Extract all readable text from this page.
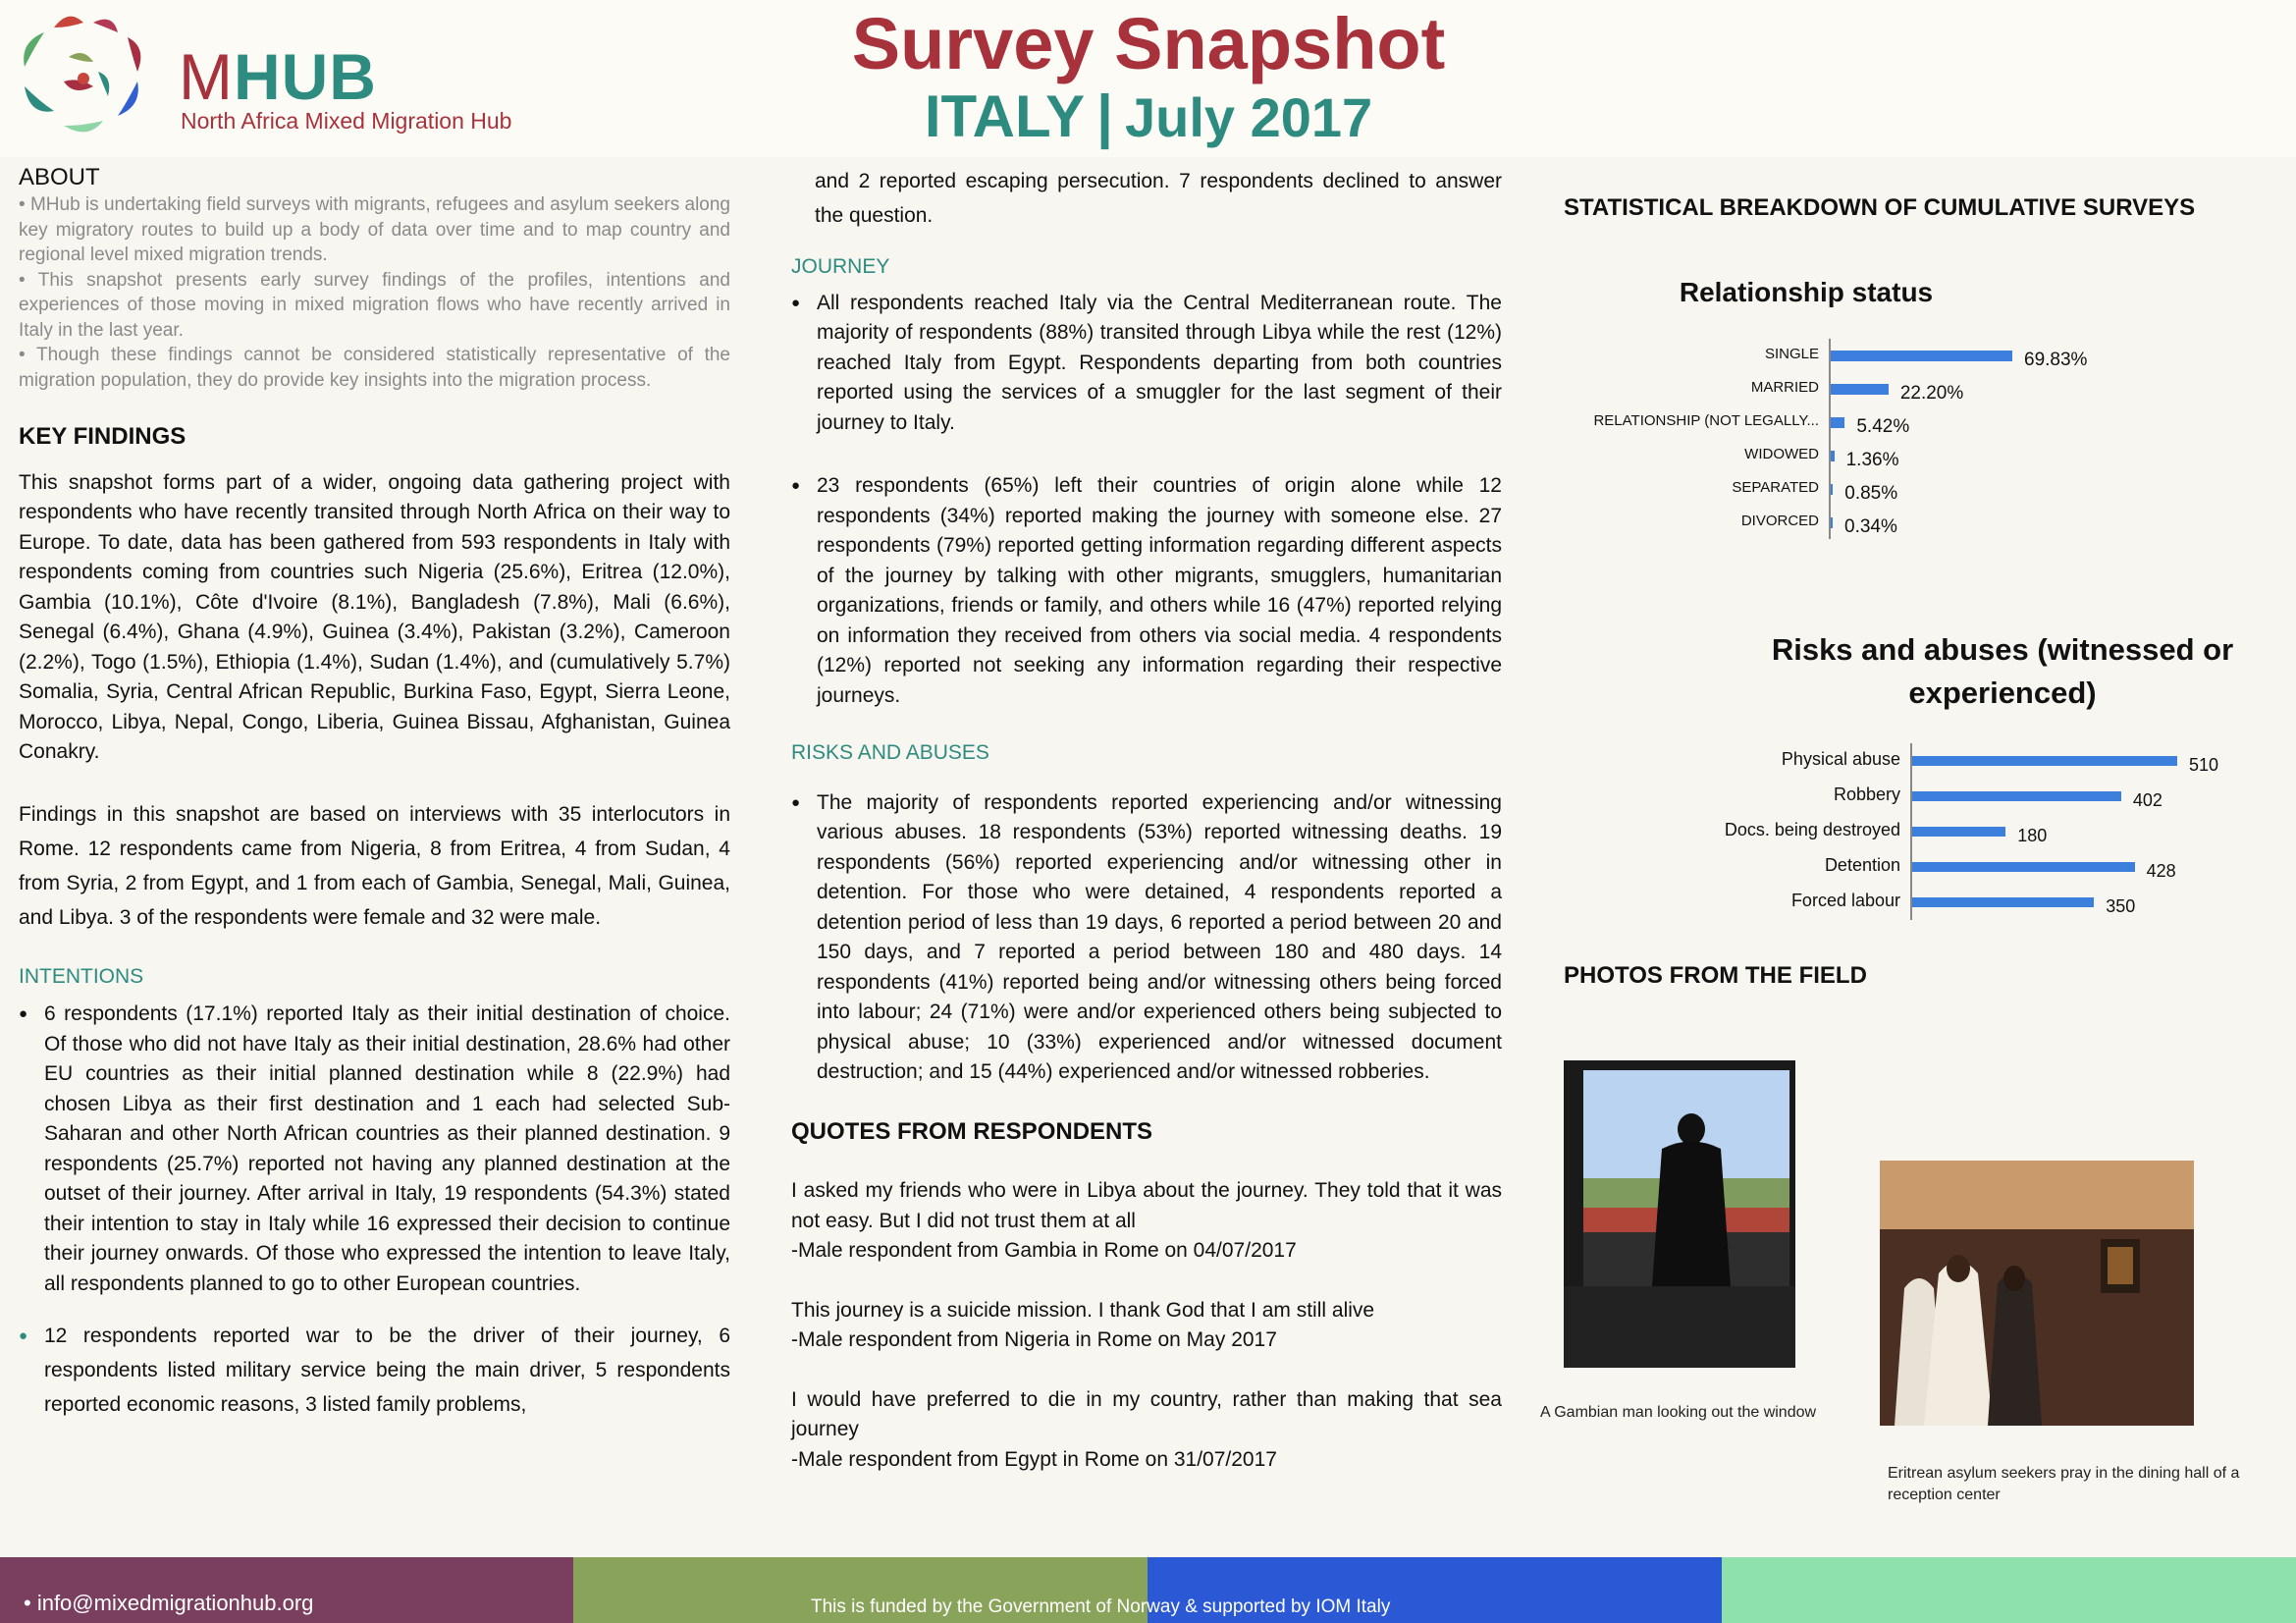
MHUB
North Africa Mixed Migration Hub
Survey Snapshot
ITALY | July 2017
ABOUT

• MHub is undertaking field surveys with migrants, refugees and asylum seekers along key migratory routes to build up a body of data over time and to map country and regional level mixed migration trends.

• This snapshot presents early survey findings of the profiles, intentions and experiences of those moving in mixed migration flows who have recently arrived in Italy in the last year.

• Though these findings cannot be considered statistically representative of the migration population, they do provide key insights into the migration process.

KEY FINDINGS

This snapshot forms part of a wider, ongoing data gathering project with respondents who have recently transited through North Africa on their way to Europe. To date, data has been gathered from 593 respondents in Italy with respondents coming from countries such Nigeria (25.6%), Eritrea (12.0%), Gambia (10.1%), Côte d'Ivoire (8.1%), Bangladesh (7.8%), Mali (6.6%), Senegal (6.4%), Ghana (4.9%), Guinea (3.4%), Pakistan (3.2%), Cameroon (2.2%), Togo (1.5%), Ethiopia (1.4%), Sudan (1.4%), and (cumulatively 5.7%) Somalia, Syria, Central African Republic, Burkina Faso, Egypt, Sierra Leone, Morocco, Libya, Nepal, Congo, Liberia, Guinea Bissau, Afghanistan, Guinea Conakry.

Findings in this snapshot are based on interviews with 35 interlocutors in Rome. 12 respondents came from Nigeria, 8 from Eritrea, 4 from Sudan, 4 from Syria, 2 from Egypt, and 1 from each of Gambia, Senegal, Mali, Guinea, and Libya. 3 of the respondents were female and 32 were male.

INTENTIONS

● 6 respondents (17.1%) reported Italy as their initial destination of choice. Of those who did not have Italy as their initial destination, 28.6% had other EU countries as their initial planned destination while 8 (22.9%) had chosen Libya as their first destination and 1 each had selected Sub-Saharan and other North African countries as their planned destination. 9 respondents (25.7%) reported not having any planned destination at the outset of their journey. After arrival in Italy, 19 respondents (54.3%) stated their intention to stay in Italy while 16 expressed their decision to continue their journey onwards. Of those who expressed the intention to leave Italy, all respondents planned to go to other European countries.

● 12 respondents reported war to be the driver of their journey, 6 respondents listed military service being the main driver, 5 respondents reported economic reasons, 3 listed family problems,

and 2 reported escaping persecution. 7 respondents declined to answer the question.

JOURNEY

● All respondents reached Italy via the Central Mediterranean route. The majority of respondents (88%) transited through Libya while the rest (12%) reached Italy from Egypt. Respondents departing from both countries reported using the services of a smuggler for the last segment of their journey to Italy.

● 23 respondents (65%) left their countries of origin alone while 12 respondents (34%) reported making the journey with someone else. 27 respondents (79%) reported getting information regarding different aspects of the journey by talking with other migrants, smugglers, humanitarian organizations, friends or family, and others while 16 (47%) reported relying on information they received from others via social media. 4 respondents (12%) reported not seeking any information regarding their respective journeys.

RISKS AND ABUSES

● The majority of respondents reported experiencing and/or witnessing various abuses. 18 respondents (53%) reported witnessing deaths. 19 respondents (56%) reported experiencing and/or witnessing other in detention. For those who were detained, 4 respondents reported a detention period of less than 19 days, 6 reported a period between 20 and 150 days, and 7 reported a period between 180 and 480 days. 14 respondents (41%) reported being and/or witnessing others being forced into labour; 24 (71%) were and/or experienced others being subjected to physical abuse; 10 (33%) experienced and/or witnessed document destruction; and 15 (44%) experienced and/or witnessed robberies.

QUOTES FROM RESPONDENTS

I asked my friends who were in Libya about the journey. They told that it was not easy. But I did not trust them at all

-Male respondent from Gambia in Rome on 04/07/2017

This journey is a suicide mission. I thank God that I am still alive

-Male respondent from Nigeria in Rome on May 2017

I would have preferred to die in my country, rather than making that sea journey

-Male respondent from Egypt in Rome on 31/07/2017

STATISTICAL BREAKDOWN OF CUMULATIVE SURVEYS
Relationship status
SINGLE	69.83%
MARRIED	22.20%
RELATIONSHIP (NOT LEGALLY... 5.42%
WIDOWED 1.36%
SEPARATED 0.85%
DIVORCED 0.34%
Risks and abuses (witnessed or
experienced)
Physical abuse	510
Robbery	402
Docs. being destroyed	180
Detention	428
Forced labour	350
PHOTOS FROM THE FIELD
A Gambian man looking out the window
Eritrean asylum seekers pray in the dining hall of a reception center
• info@mixedmigrationhub.org	This is funded by the Government of Norway & supported by IOM Italy
